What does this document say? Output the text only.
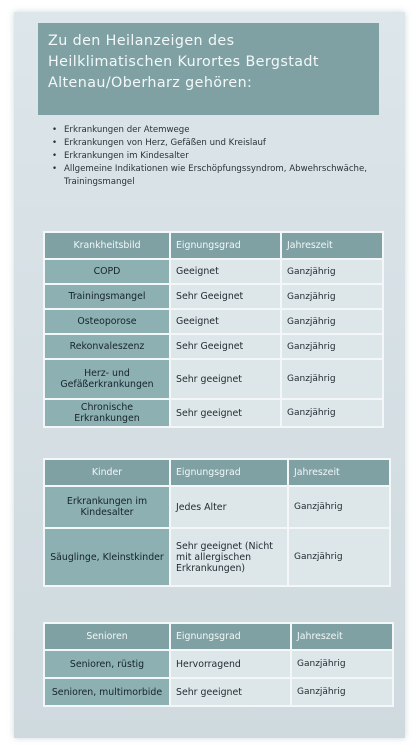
Zu den Heilanzeigen des
Heilklimatischen Kurortes Bergstadt
Altenau/Oberharz gehören:
• Erkrankungen der Atemwege
• Erkrankungen von Herz, Gefäßen und Kreislauf
• Erkrankungen im Kindesalter
• Allgemeine Indikationen wie Erschöpfungssyndrom, Abwehrschwäche, Trainingsmangel
Krankheitsbild	Eignungsgrad	Jahreszeit
COPD	Geeignet	Ganzjährig
Trainingsmangel	Sehr Geeignet	Ganzjährig
Osteoporose	Geeignet	Ganzjährig
Rekonvaleszenz	Sehr Geeignet	Ganzjährig
Herz- und Gefäßerkrankungen	Sehr geeignet	Ganzjährig
Chronische Erkrankungen	Sehr geeignet	Ganzjährig
Kinder	Eignungsgrad	Jahreszeit
Erkrankungen im Kindesalter	Jedes Alter	Ganzjährig
Säuglinge, Kleinstkinder	Sehr geeignet (Nicht mit allergischen Erkrankungen)	Ganzjährig
Senioren	Eignungsgrad	Jahreszeit
Senioren, rüstig	Hervorragend	Ganzjährig
Senioren, multimorbide	Sehr geeignet	Ganzjährig
